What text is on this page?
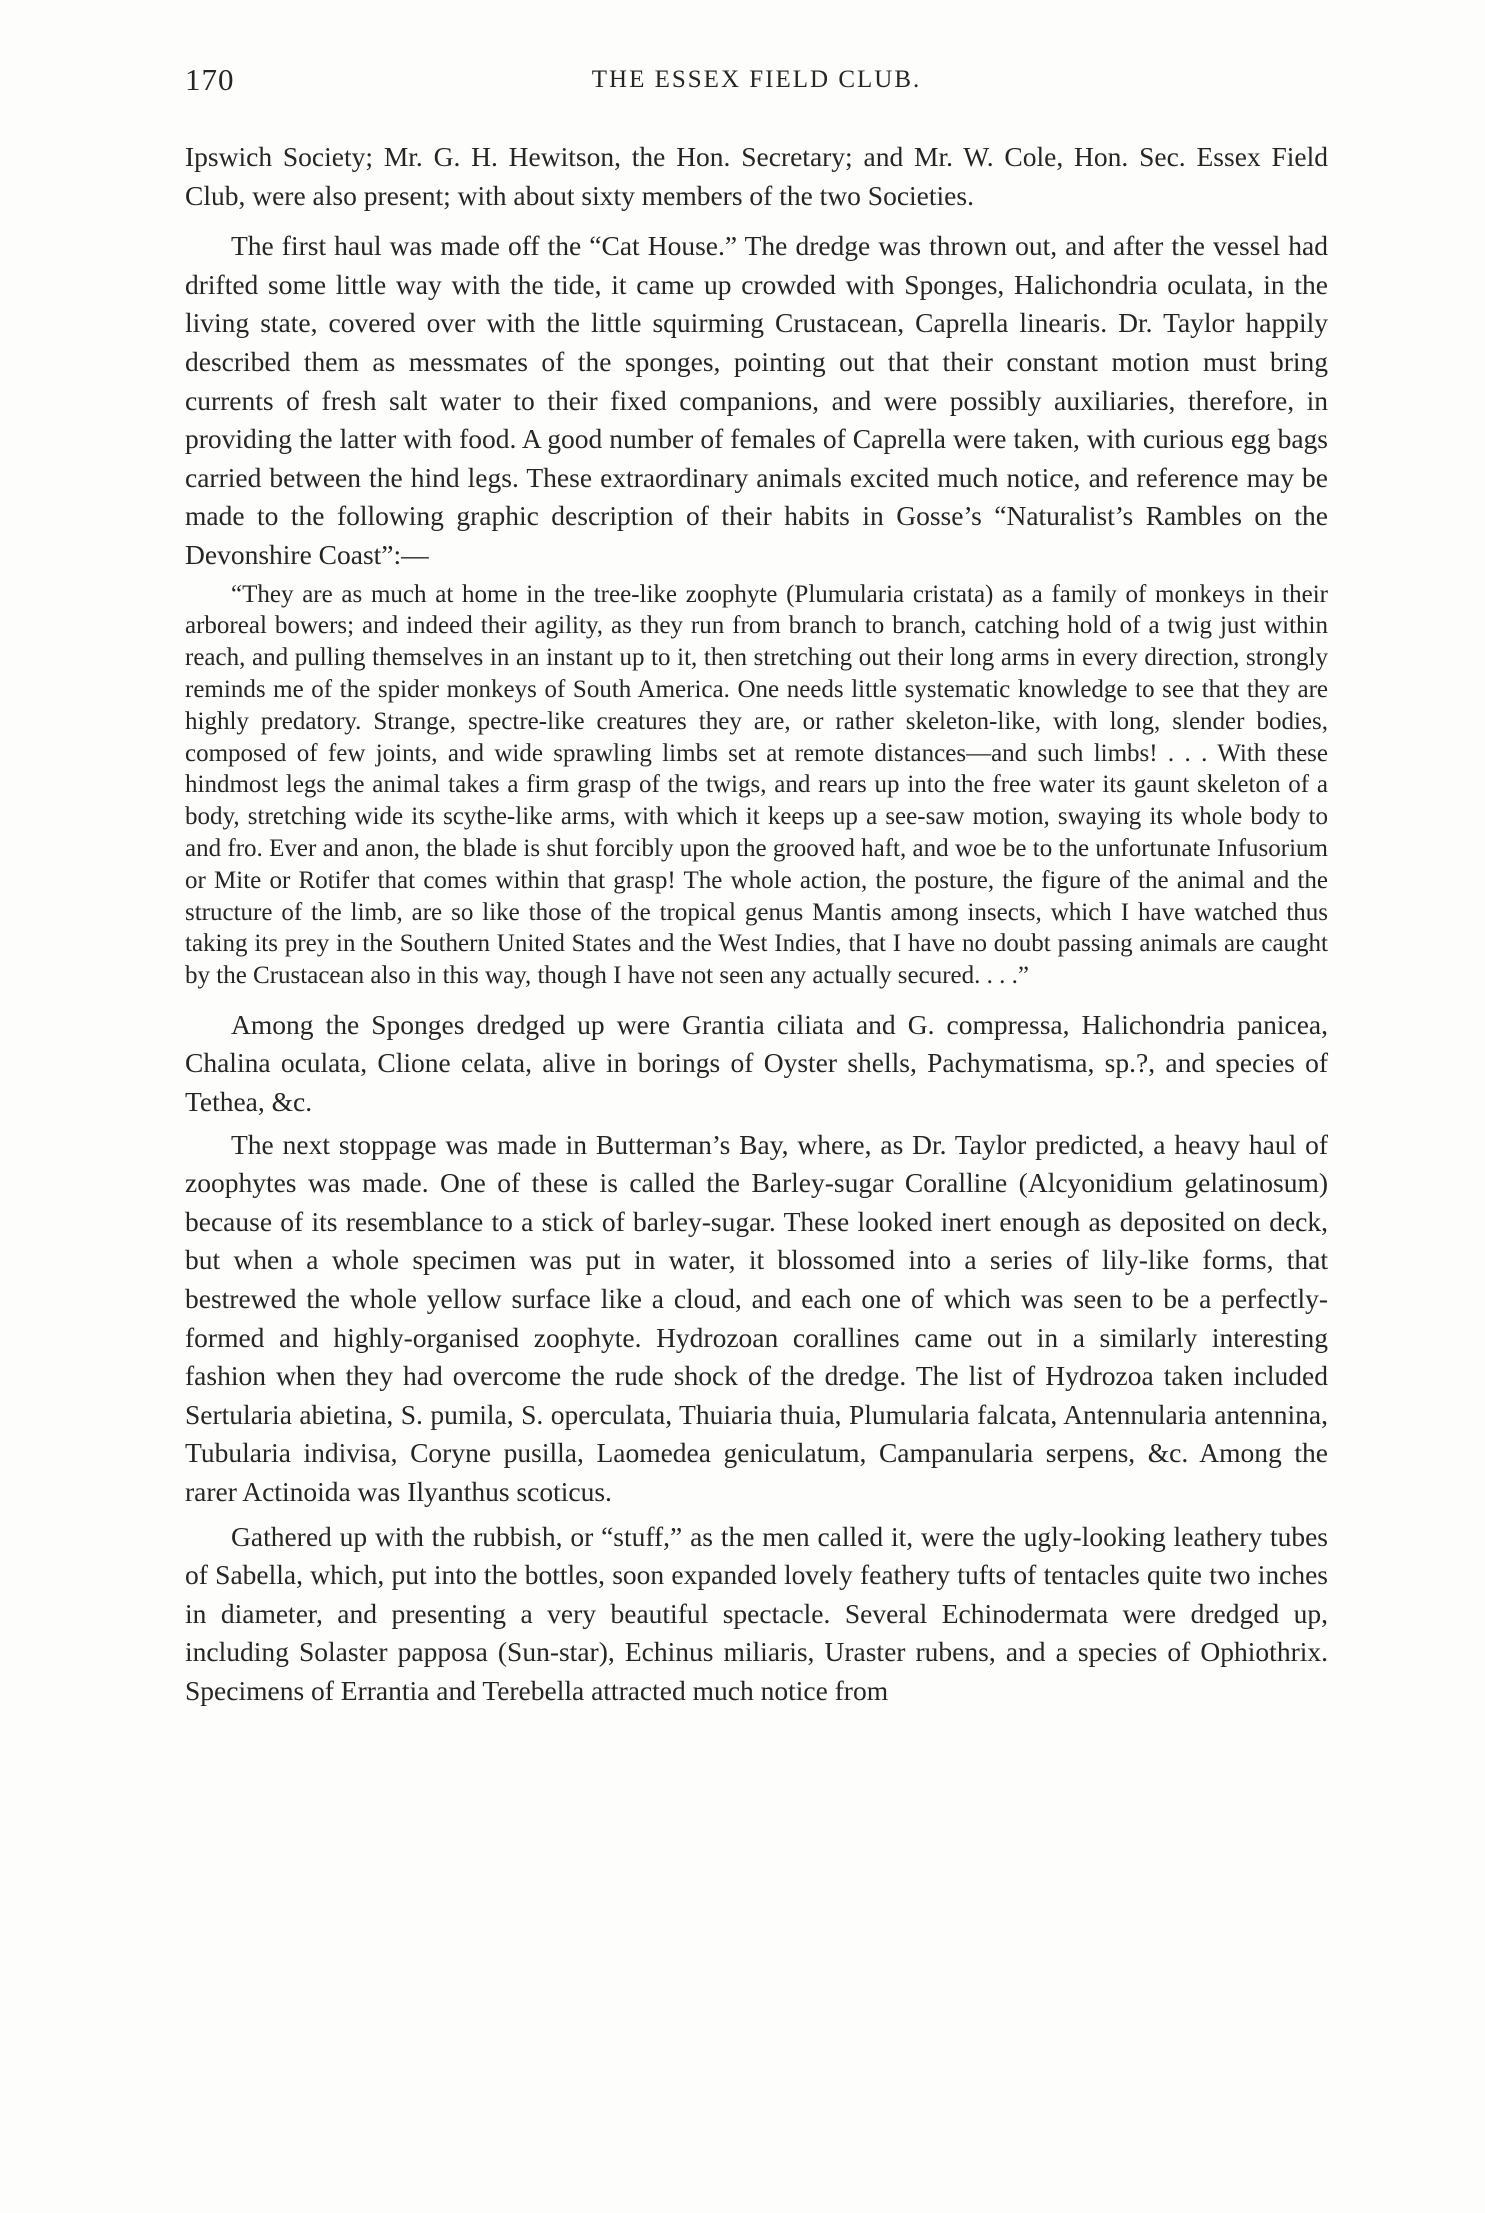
170	THE ESSEX FIELD CLUB.

Ipswich Society; Mr. G. H. Hewitson, the Hon. Secretary; and Mr. W. Cole, Hon. Sec. Essex Field Club, were also present; with about sixty members of the two Societies.

The first haul was made off the “Cat House.” The dredge was thrown out, and after the vessel had drifted some little way with the tide, it came up crowded with Sponges, Halichondria oculata, in the living state, covered over with the little squirming Crustacean, Caprella linearis. Dr. Taylor happily described them as messmates of the sponges, pointing out that their constant motion must bring currents of fresh salt water to their fixed companions, and were possibly auxiliaries, therefore, in providing the latter with food. A good number of females of Caprella were taken, with curious egg bags carried between the hind legs. These extraordinary animals excited much notice, and reference may be made to the following graphic description of their habits in Gosse’s “Naturalist’s Rambles on the Devonshire Coast”:—

“They are as much at home in the tree-like zoophyte (Plumularia cristata) as a family of monkeys in their arboreal bowers; and indeed their agility, as they run from branch to branch, catching hold of a twig just within reach, and pulling themselves in an instant up to it, then stretching out their long arms in every direction, strongly reminds me of the spider monkeys of South America. One needs little systematic knowledge to see that they are highly predatory. Strange, spectre-like creatures they are, or rather skeleton-like, with long, slender bodies, composed of few joints, and wide sprawling limbs set at remote distances—and such limbs! . . . With these hindmost legs the animal takes a firm grasp of the twigs, and rears up into the free water its gaunt skeleton of a body, stretching wide its scythe-like arms, with which it keeps up a see-saw motion, swaying its whole body to and fro. Ever and anon, the blade is shut forcibly upon the grooved haft, and woe be to the unfortunate Infusorium or Mite or Rotifer that comes within that grasp! The whole action, the posture, the figure of the animal and the structure of the limb, are so like those of the tropical genus Mantis among insects, which I have watched thus taking its prey in the Southern United States and the West Indies, that I have no doubt passing animals are caught by the Crustacean also in this way, though I have not seen any actually secured. . . .”

Among the Sponges dredged up were Grantia ciliata and G. compressa, Halichondria panicea, Chalina oculata, Clione celata, alive in borings of Oyster shells, Pachymatisma, sp.?, and species of Tethea, &c.

The next stoppage was made in Butterman’s Bay, where, as Dr. Taylor predicted, a heavy haul of zoophytes was made. One of these is called the Barley-sugar Coralline (Alcyonidium gelatinosum) because of its resemblance to a stick of barley-sugar. These looked inert enough as deposited on deck, but when a whole specimen was put in water, it blossomed into a series of lily-like forms, that bestrewed the whole yellow surface like a cloud, and each one of which was seen to be a perfectly-formed and highly-organised zoophyte. Hydrozoan corallines came out in a similarly interesting fashion when they had overcome the rude shock of the dredge. The list of Hydrozoa taken included Sertularia abietina, S. pumila, S. operculata, Thuiaria thuia, Plumularia falcata, Antennularia antennina, Tubularia indivisa, Coryne pusilla, Laomedea geniculatum, Campanularia serpens, &c. Among the rarer Actinoida was Ilyanthus scoticus.

Gathered up with the rubbish, or “stuff,” as the men called it, were the ugly-looking leathery tubes of Sabella, which, put into the bottles, soon expanded lovely feathery tufts of tentacles quite two inches in diameter, and presenting a very beautiful spectacle. Several Echinodermata were dredged up, including Solaster papposa (Sun-star), Echinus miliaris, Uraster rubens, and a species of Ophiothrix. Specimens of Errantia and Terebella attracted much notice from
